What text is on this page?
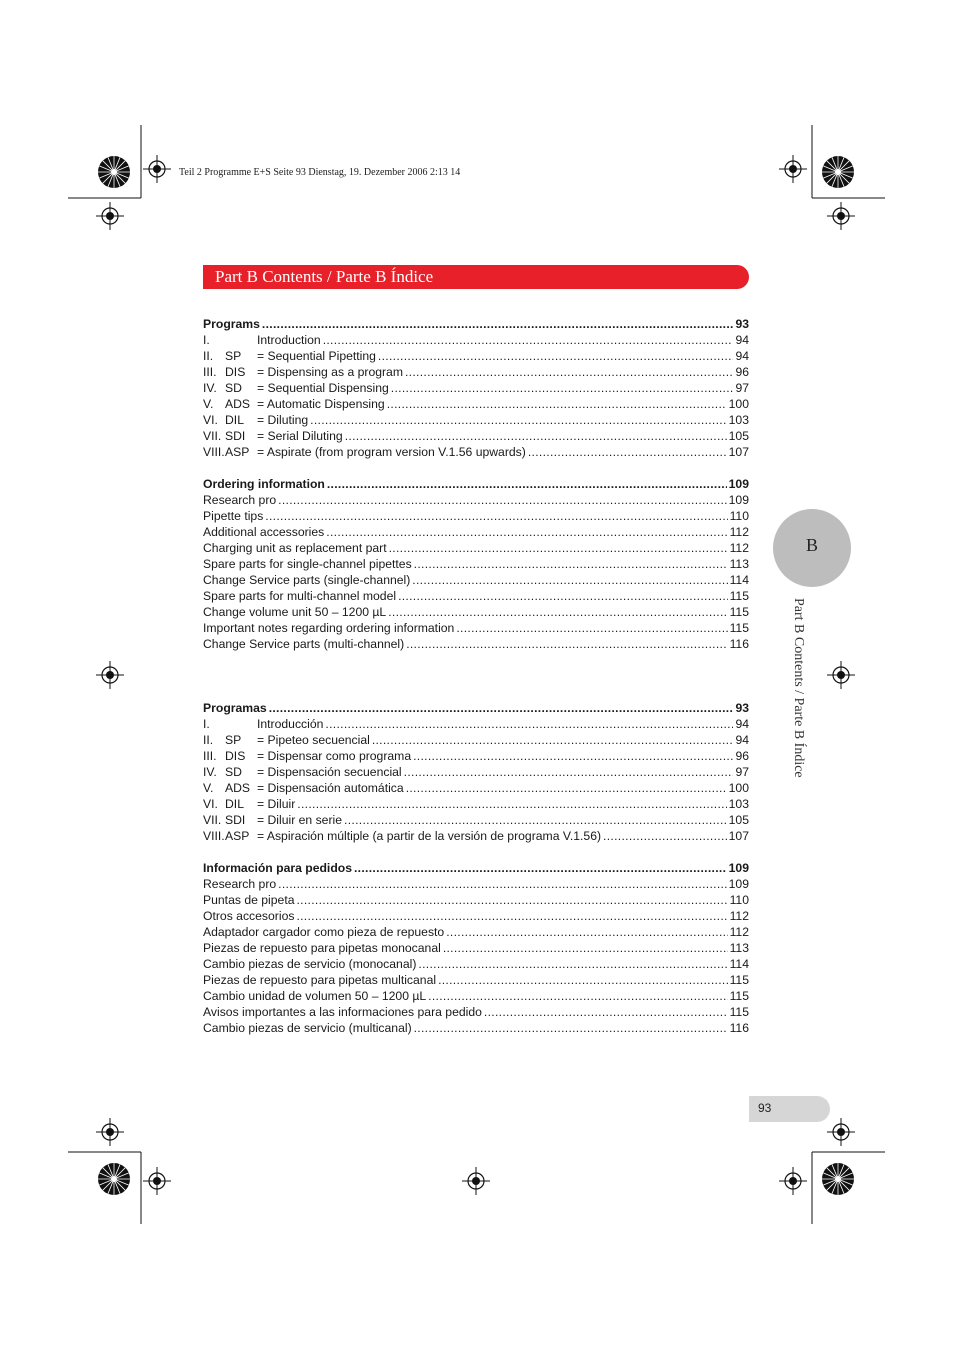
Teil 2 Programme E+S Seite 93 Dienstag, 19. Dezember 2006 2:13 14
Part B Contents / Parte B Índice
Programs .....	93
I.	Introduction .....	94
II. SP	= Sequential Pipetting .....	94
III. DIS = Dispensing as a program .....	96
IV. SD	= Sequential Dispensing .....	97
V. ADS = Automatic Dispensing .....	100
VI. DIL	= Diluting .....	103
VII. SDI = Serial Diluting .....	105
VIII. ASP = Aspirate (from program version V.1.56 upwards) .....	107
Ordering information .....	109
Research pro .....	109
Pipette tips .....	110
Additional accessories .....	112
Charging unit as replacement part .....	112
Spare parts for single-channel pipettes .....	113
Change Service parts (single-channel) .....	114
Spare parts for multi-channel model .....	115
Change volume unit 50 – 1200 µL .....	115
Important notes regarding ordering information .....	115
Change Service parts (multi-channel) .....	116
Programas .....	93
I.	Introducción .....	94
II. SP	= Pipeteo secuencial .....	94
III. DIS = Dispensar como programa .....	96
IV. SD	= Dispensación secuencial .....	97
V. ADS = Dispensación automática .....	100
VI. DIL	= Diluir .....	103
VII. SDI = Diluir en serie .....	105
VIII. ASP = Aspiración múltiple (a partir de la versión de programa V.1.56) .....	107
Información para pedidos .....	109
Research pro .....	109
Puntas de pipeta .....	110
Otros accesorios .....	112
Adaptador cargador como pieza de repuesto .....	112
Piezas de repuesto para pipetas monocanal .....	113
Cambio piezas de servicio (monocanal) .....	114
Piezas de repuesto para pipetas multicanal .....	115
Cambio unidad de volumen 50 – 1200 µL .....	115
Avisos importantes a las informaciones para pedido .....	115
Cambio piezas de servicio (multicanal) .....	116
B
Part B Contents / Parte B Índice
93
